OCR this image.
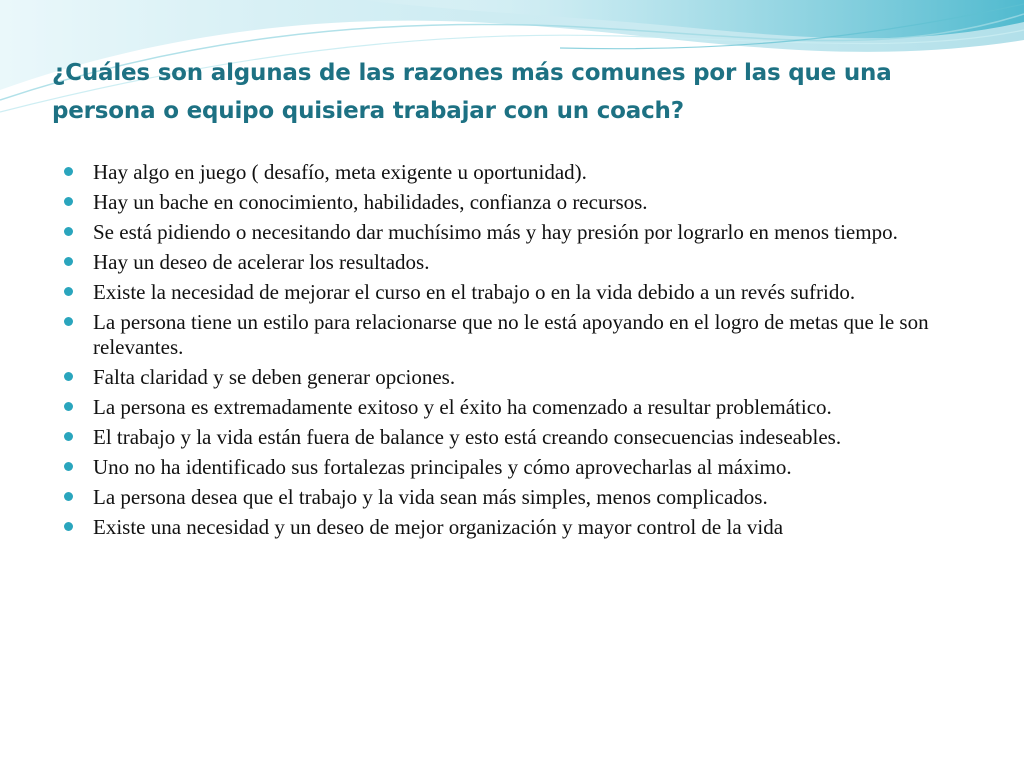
¿Cuáles son algunas de las razones más comunes por las que una persona o equipo quisiera trabajar con un coach?
Hay algo en juego ( desafío, meta exigente u oportunidad).
Hay un bache en conocimiento, habilidades, confianza o recursos.
Se está pidiendo o necesitando dar muchísimo más y hay presión por lograrlo en menos tiempo.
Hay un deseo de acelerar los resultados.
Existe la necesidad de mejorar el curso en el trabajo o en la vida debido a un revés sufrido.
La persona tiene un estilo para relacionarse que no le está apoyando en el logro de metas que le son relevantes.
Falta claridad y se deben generar opciones.
La persona es extremadamente exitoso y el éxito ha comenzado a resultar problemático.
El trabajo y la vida están fuera de balance y esto está creando consecuencias indeseables.
Uno no ha identificado sus fortalezas principales y cómo aprovecharlas al máximo.
La persona desea que el trabajo y la vida sean más simples, menos complicados.
Existe una necesidad y un deseo de mejor organización y mayor control de la vida
